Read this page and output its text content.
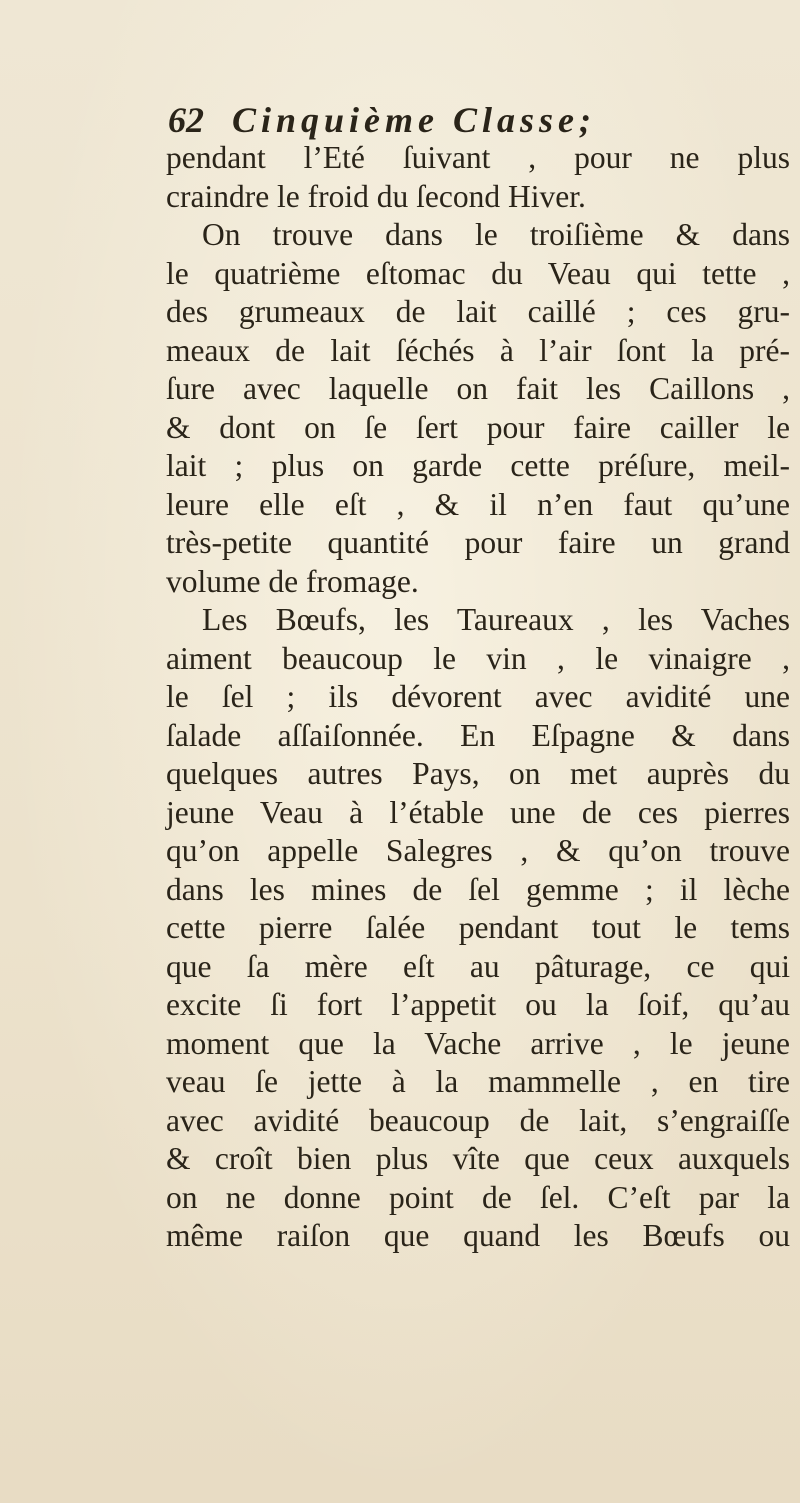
62 Cinquième Classe;
pendant l’Eté ſuivant , pour ne plus
craindre le froid du ſecond Hiver.
On trouve dans le troiſième & dans
le quatrième eſtomac du Veau qui tette ,
des grumeaux de lait caillé ; ces gru-
meaux de lait ſéchés à l’air ſont la pré-
ſure avec laquelle on fait les Caillons ,
& dont on ſe ſert pour faire cailler le
lait ; plus on garde cette préſure, meil-
leure elle eſt , & il n’en faut qu’une
très-petite quantité pour faire un grand
volume de fromage.
Les Bœufs, les Taureaux , les Vaches
aiment beaucoup le vin , le vinaigre ,
le ſel ; ils dévorent avec avidité une
ſalade aſſaiſonnée. En Eſpagne & dans
quelques autres Pays, on met auprès du
jeune Veau à l’étable une de ces pierres
qu’on appelle Salegres , & qu’on trouve
dans les mines de ſel gemme ; il lèche
cette pierre ſalée pendant tout le tems
que ſa mère eſt au pâturage, ce qui
excite ſi fort l’appetit ou la ſoif, qu’au
moment que la Vache arrive , le jeune
veau ſe jette à la mammelle , en tire
avec avidité beaucoup de lait, s’engraiſſe
& croît bien plus vîte que ceux auxquels
on ne donne point de ſel. C’eſt par la
même raiſon que quand les Bœufs ou
